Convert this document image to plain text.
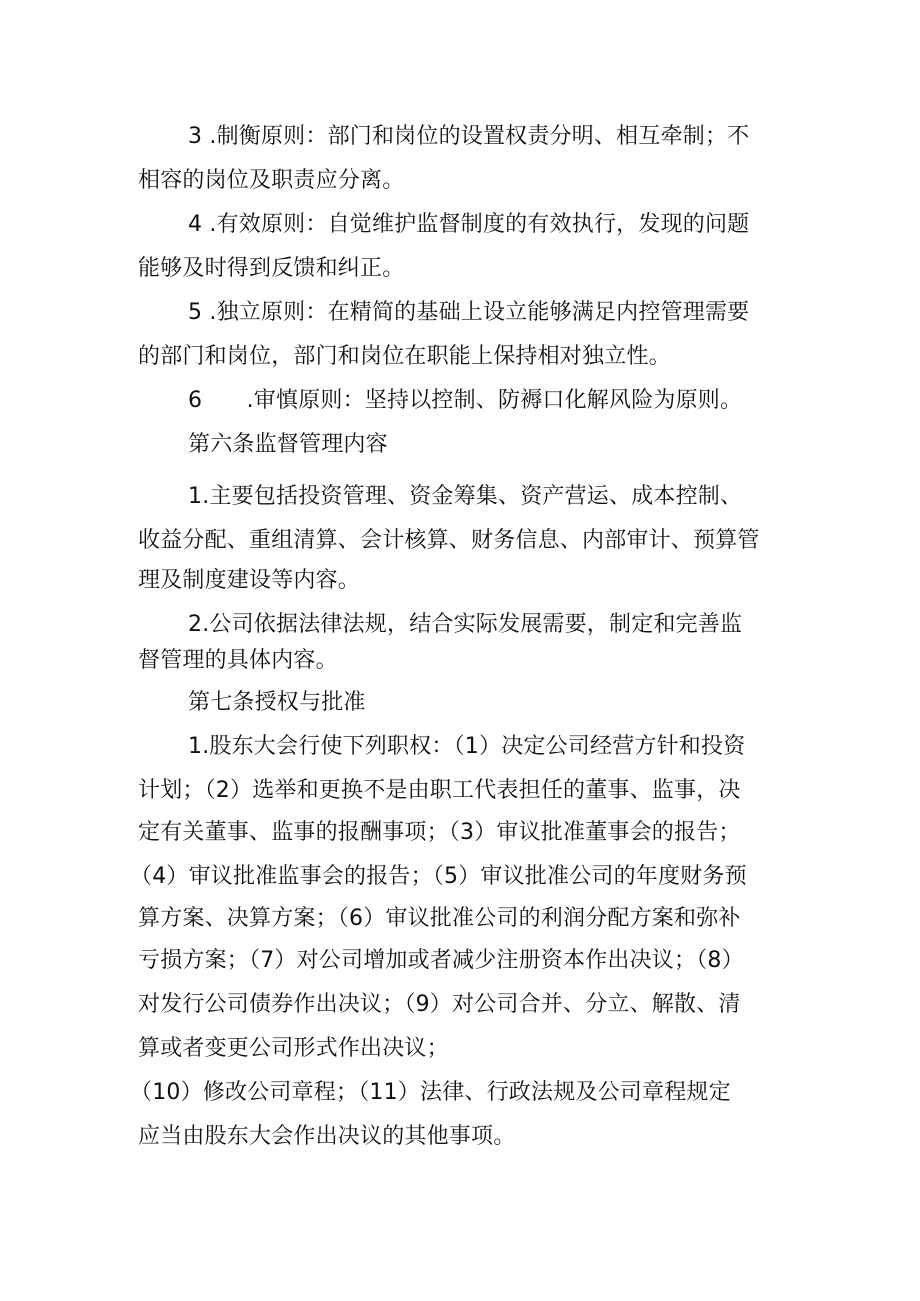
3 .制衡原则：部门和岗位的设置权责分明、相互牵制；不
相容的岗位及职责应分离。
4 .有效原则：自觉维护监督制度的有效执行，发现的问题
能够及时得到反馈和纠正。
5 .独立原则：在精简的基础上设立能够满足内控管理需要
的部门和岗位，部门和岗位在职能上保持相对独立性。
6　　.审慎原则：坚持以控制、防褥口化解风险为原则。
第六条监督管理内容
1.主要包括投资管理、资金筹集、资产营运、成本控制、
收益分配、重组清算、会计核算、财务信息、内部审计、预算管
理及制度建设等内容。
2.公司依据法律法规，结合实际发展需要，制定和完善监
督管理的具体内容。
第七条授权与批准
1.股东大会行使下列职权：（1）决定公司经营方针和投资
计划；（2）选举和更换不是由职工代表担任的董事、监事，决
定有关董事、监事的报酬事项；（3）审议批准董事会的报告；
（4）审议批准监事会的报告；（5）审议批准公司的年度财务预
算方案、决算方案；（6）审议批准公司的利润分配方案和弥补
亏损方案；（7）对公司增加或者减少注册资本作出决议；（8）
对发行公司债券作出决议；（9）对公司合并、分立、解散、清
算或者变更公司形式作出决议；
（10）修改公司章程；（11）法律、行政法规及公司章程规定
应当由股东大会作出决议的其他事项。
